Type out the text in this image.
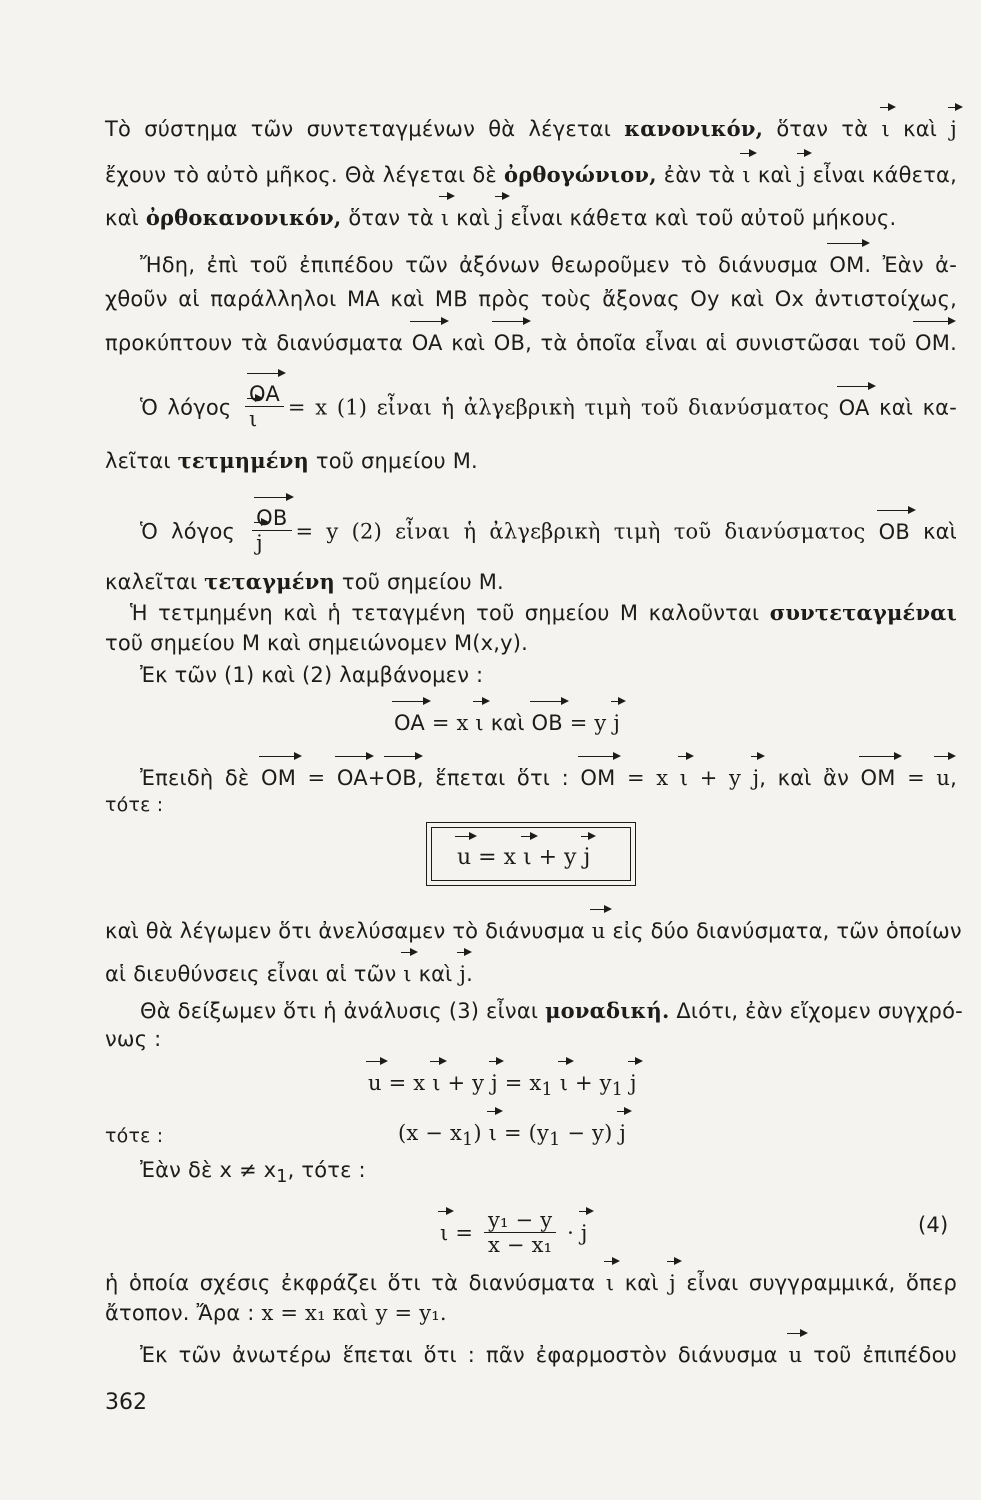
Τὸ σύστημα τῶν συντεταγμένων θὰ λέγεται κανονικόν, ὅταν τὰ ι καὶ j
ἔχουν τὸ αὐτὸ μῆκος. Θὰ λέγεται δὲ ὀρθογώνιον, ἐὰν τὰ ι καὶ j εἶναι κάθετα,
καὶ ὀρθοκανονικόν, ὅταν τὰ ι καὶ j εἶναι κάθετα καὶ τοῦ αὐτοῦ μήκους.
Ἤδη, ἐπὶ τοῦ ἐπιπέδου τῶν ἀξόνων θεωροῦμεν τὸ διάνυσμα OM. Ἐὰν ἀ-
χθοῦν αἱ παράλληλοι ΜΑ καὶ ΜΒ πρὸς τοὺς ἄξονας Oy καὶ Ox ἀντιστοίχως,
προκύπτουν τὰ διανύσματα OA καὶ OB, τὰ ὁποῖα εἶναι αἱ συνιστῶσαι τοῦ OM.
Ὁ λόγος $\frac{OA}{\iota} = x$ (1) εἶναι ἡ ἀλγεβρικὴ τιμὴ τοῦ διανύσματος OA καὶ κα-
λεῖται τετμημένη τοῦ σημείου Μ.
Ὁ λόγος $\frac{OB}{j} = y$ (2) εἶναι ἡ ἀλγεβρικὴ τιμὴ τοῦ διανύσματος OB καὶ
καλεῖται τεταγμένη τοῦ σημείου Μ.
Ἡ τετμημένη καὶ ἡ τεταγμένη τοῦ σημείου Μ καλοῦνται συντεταγμέναι
τοῦ σημείου Μ καὶ σημειώνομεν Μ(x,y).
Ἐκ τῶν (1) καὶ (2) λαμβάνομεν :
OA = x ι καὶ OB = y j
Ἐπειδὴ δὲ OM = OA+OB, ἕπεται ὅτι : OM = x ι + y j, καὶ ἂν OM = u,
τότε :
u = x ι + y j
καὶ θὰ λέγωμεν ὅτι ἀνελύσαμεν τὸ διάνυσμα u εἰς δύο διανύσματα, τῶν ὁποίων
αἱ διευθύνσεις εἶναι αἱ τῶν ι καὶ j.
Θὰ δείξωμεν ὅτι ἡ ἀνάλυσις (3) εἶναι μοναδική. Διότι, ἐὰν εἴχομεν συγχρό-
νως :
u = x ι + y $j = x_1$ $\iota + y_1$ j
τότε :	$(x - x_1)$ $\iota = (y_1 - y)$ j
Ἐὰν δὲ $x \ne x_1$, τότε :
$\iota = \frac{\text{y₁ − y}}{\text{x − x₁}} \cdot j$	(4)
ἡ ὁποία σχέσις ἐκφράζει ὅτι τὰ διανύσματα ι καὶ j εἶναι συγγραμμικά, ὅπερ
ἄτοπον. Ἄρα : x = x₁ καὶ y = y₁.
Ἐκ τῶν ἀνωτέρω ἕπεται ὅτι : πᾶν ἐφαρμοστὸν διάνυσμα u τοῦ ἐπιπέδου
362
